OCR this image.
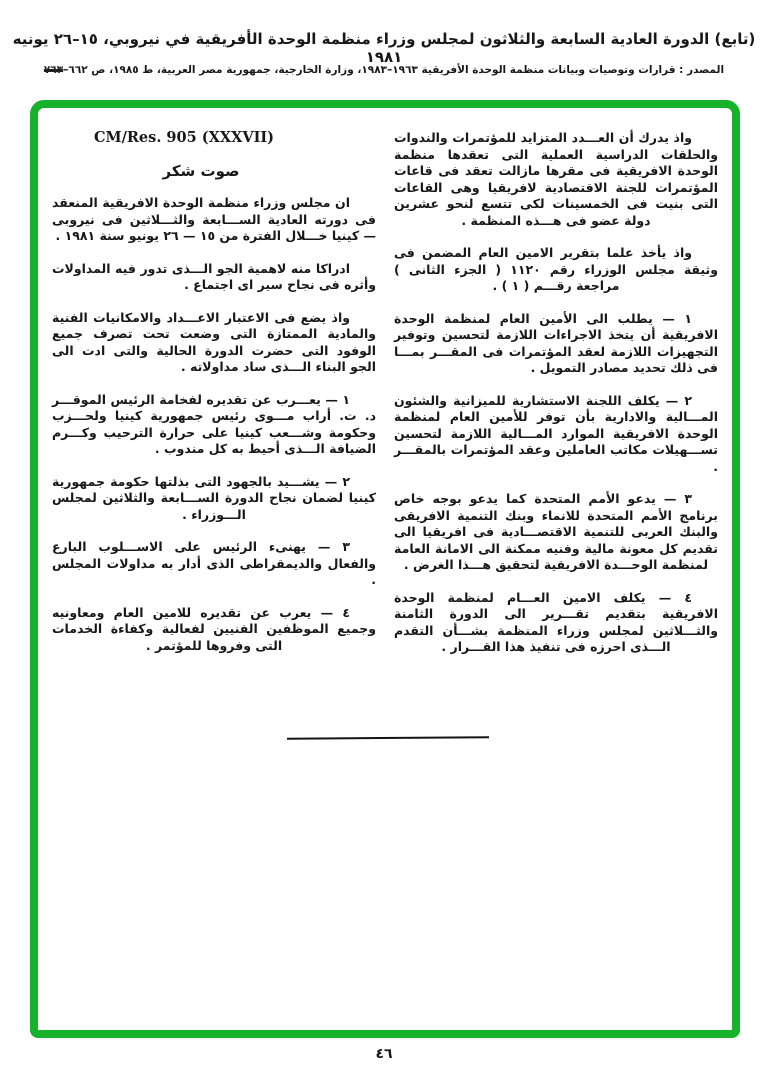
(تابع) الدورة العادية السابعة والثلاثون لمجلس وزراء منظمة الوحدة الأفريقية في نيروبي، ١٥–٢٦ يونيه ١٩٨١
المصدر : قرارات وتوصيات وبيانات منظمة الوحدة الأفريقية ١٩٦٣–١٩٨٣، وزارة الخارجية، جمهورية مصر العربية، ط ١٩٨٥، ص ٦٦٢–٧٦٣

واذ يدرك أن العـــدد المتزايد للمؤتمرات والندوات والحلقات الدراسية العملية التى تعقدها منظمة الوحدة الافريقية فى مقرها مازالت تعقد فى قاعات المؤتمرات للجنة الاقتصادية لافريقيا وهى القاعات التى بنيت فى الخمسينات لكى تتسع لنحو عشرين دولة عضو فى هـــذه المنظمة .

واذ يأخذ علما بتقرير الامين العام المضمن فى وثيقة مجلس الوزراء رقم ١١٢٠ ( الجزء الثانى ) مراجعة رقـــم ( ١ ) .

١ — يطلب الى الأمين العام لمنظمة الوحدة الافريقية أن يتخذ الاجراءات اللازمة لتحسين وتوفير التجهيزات اللازمة لعقد المؤتمرات فى المقـــر بمـــا فى ذلك تحديد مصادر التمويل .

٢ — يكلف اللجنة الاستشارية للميزانية والشئون المـــالية والادارية بأن توفر للأمين العام لمنظمة الوحدة الافريقية الموارد المـــالية اللازمة لتحسين تســـهيلات مكاتب العاملين وعقد المؤتمرات بالمقـــر .

٣ — يدعو الأمم المتحدة كما يدعو بوجه خاص برنامج الأمم المتحدة للانماء وبنك التنمية الافريقى والبنك العربى للتنمية الاقتصـــادية فى افريقيا الى تقديم كل معونة مالية وفنيه ممكنة الى الامانة العامة لمنظمة الوحـــدة الافريقية لتحقيق هـــذا الغرض .

٤ — يكلف الامين العـــام لمنظمة الوحدة الافريقية بتقديم تقـــرير الى الدورة الثامنة والثـــلاثين لمجلس وزراء المنظمة بشـــأن التقدم الـــذى احرزه فى تنفيذ هذا القـــرار .

CM/Res. 905 (XXXVII)

صوت شكر

ان مجلس وزراء منظمة الوحدة الافريقية المنعقد فى دورته العادية الســـابعة والثـــلاثين فى نيروبى — كينيا خـــلال الفترة من ١٥ — ٢٦ يونيو سنة ١٩٨١ .

ادراكا منه لاهمية الجو الـــذى تدور فيه المداولات وأثره فى نجاح سير اى اجتماع .

واذ يضع فى الاعتبار الاعـــداد والامكانيات الفنية والمادية الممتازة التى وضعت تحت تصرف جميع الوفود التى حضرت الدورة الحالية والتى ادت الى الجو البناء الـــذى ساد مداولاته .

١ — يعـــرب عن تقديره لفخامة الرئيس الموقـــر د. ت. أراب مـــوى رئيس جمهورية كينيا ولحـــزب وحكومة وشـــعب كينيا على حرارة الترحيب وكـــرم الضيافة الـــذى أحيط به كل مندوب .

٢ — يشـــيد بالجهود التى بذلتها حكومة جمهورية كينيا لضمان نجاح الدورة الســـابعة والثلاثين لمجلس الـــوزراء .

٣ — يهنىء الرئيس على الاســـلوب البارع والفعال والديمقراطى الذى أدار به مداولات المجلس .

٤ — يعرب عن تقديره للامين العام ومعاونيه وجميع الموظفين الفنيين لفعالية وكفاءة الخدمات التى وفروها للمؤتمر .

٤٦
